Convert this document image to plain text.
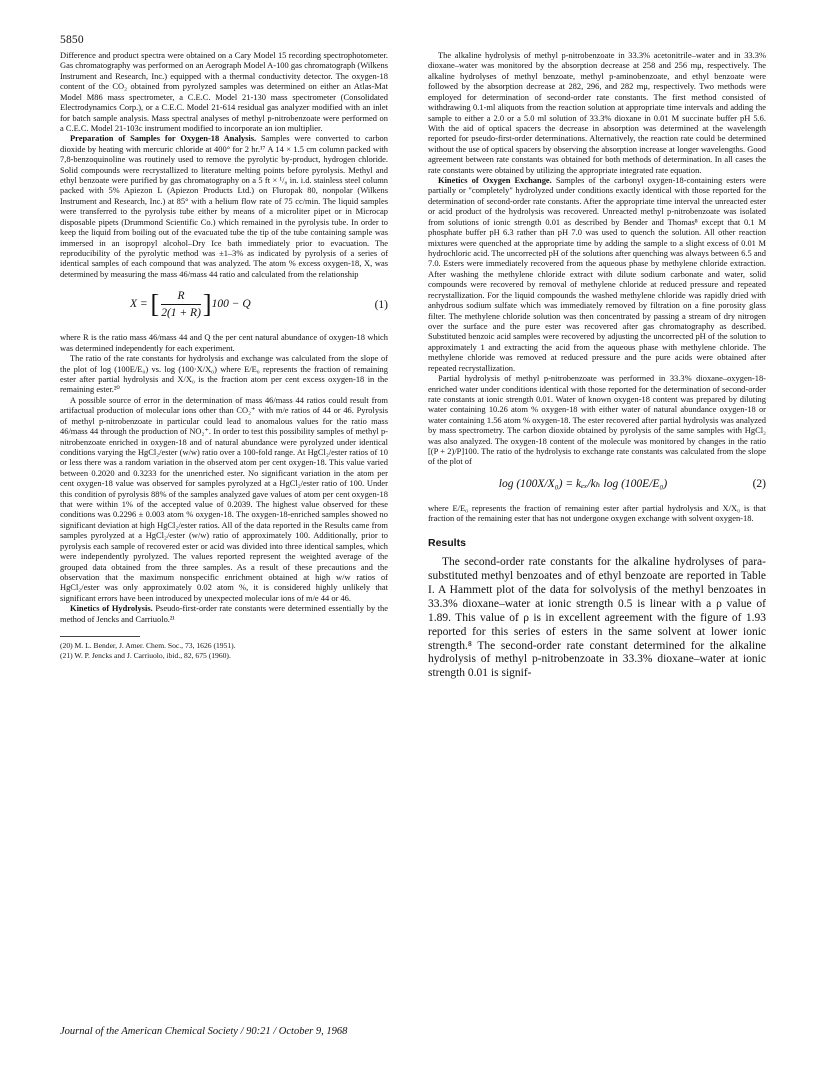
5850

Difference and product spectra were obtained on a Cary Model 15 recording spectrophotometer. Gas chromatography was performed on an Aerograph Model A-100 gas chromatograph (Wilkens Instrument and Research, Inc.) equipped with a thermal conductivity detector. The oxygen-18 content of the CO₂ obtained from pyrolyzed samples was determined on either an Atlas-Mat Model M86 mass spectrometer, a C.E.C. Model 21-130 mass spectrometer (Consolidated Electrodynamics Corp.), or a C.E.C. Model 21-614 residual gas analyzer modified with an inlet for batch sample analysis. Mass spectral analyses of methyl p-nitrobenzoate were performed on a C.E.C. Model 21-103c instrument modified to incorporate an ion multiplier.

Preparation of Samples for Oxygen-18 Analysis. Samples were converted to carbon dioxide by heating with mercuric chloride at 400° for 2 hr.¹⁷ A 14 × 1.5 cm column packed with 7,8-benzoquinoline was routinely used to remove the pyrolytic by-product, hydrogen chloride. Solid compounds were recrystallized to literature melting points before pyrolysis. Methyl and ethyl benzoate were purified by gas chromatography on a 5 ft × ¹/₈ in. i.d. stainless steel column packed with 5% Apiezon L (Apiezon Products Ltd.) on Fluropak 80, nonpolar (Wilkens Instrument and Research, Inc.) at 85° with a helium flow rate of 75 cc/min. The liquid samples were transferred to the pyrolysis tube either by means of a microliter pipet or in Microcap disposable pipets (Drummond Scientific Co.) which remained in the pyrolysis tube. In order to keep the liquid from boiling out of the evacuated tube the tip of the tube containing sample was immersed in an isopropyl alcohol–Dry Ice bath immediately prior to evacuation. The reproducibility of the pyrolytic method was ±1–3% as indicated by pyrolysis of a series of identical samples of each compound that was analyzed. The atom % excess oxygen-18, X, was determined by measuring the mass 46/mass 44 ratio and calculated from the relationship

X = [ $\frac{R}{2(1 + R)} ]100 - Q$	(1)

where R is the ratio mass 46/mass 44 and Q the per cent natural abundance of oxygen-18 which was determined independently for each experiment.

The ratio of the rate constants for hydrolysis and exchange was calculated from the slope of the plot of log (100E/E₀) vs. log (100·X/X₀) where E/E₀ represents the fraction of remaining ester after partial hydrolysis and X/X₀ is the fraction atom per cent excess oxygen-18 in the remaining ester.²⁰

A possible source of error in the determination of mass 46/mass 44 ratios could result from artifactual production of molecular ions other than CO₂⁺ with m/e ratios of 44 or 46. Pyrolysis of methyl p-nitrobenzoate in particular could lead to anomalous values for the ratio mass 46/mass 44 through the production of NO₂⁺. In order to test this possibility samples of methyl p-nitrobenzoate enriched in oxygen-18 and of natural abundance were pyrolyzed under identical conditions varying the HgCl₂/ester (w/w) ratio over a 100-fold range. At HgCl₂/ester ratios of 10 or less there was a random variation in the observed atom per cent oxygen-18. This value varied between 0.2020 and 0.3233 for the unenriched ester. No significant variation in the atom per cent oxygen-18 value was observed for samples pyrolyzed at a HgCl₂/ester ratio of 100. Under this condition of pyrolysis 88% of the samples analyzed gave values of atom per cent oxygen-18 that were within 1% of the accepted value of 0.2039. The highest value observed for these conditions was 0.2296 ± 0.003 atom % oxygen-18. The oxygen-18-enriched samples showed no significant deviation at high HgCl₂/ester ratios. All of the data reported in the Results came from samples pyrolyzed at a HgCl₂/ester (w/w) ratio of approximately 100. Additionally, prior to pyrolysis each sample of recovered ester or acid was divided into three identical samples, which were independently pyrolyzed. The values reported represent the weighted average of the grouped data obtained from the three samples. As a result of these precautions and the observation that the maximum nonspecific enrichment obtained at high w/w ratios of HgCl₂/ester was only approximately 0.02 atom %, it is considered highly unlikely that significant errors have been introduced by unexpected molecular ions of m/e 44 or 46.

Kinetics of Hydrolysis. Pseudo-first-order rate constants were determined essentially by the method of Jencks and Carriuolo.²¹

(20) M. L. Bender, J. Amer. Chem. Soc., 73, 1626 (1951).
(21) W. P. Jencks and J. Carriuolo, ibid., 82, 675 (1960).

The alkaline hydrolysis of methyl p-nitrobenzoate in 33.3% acetonitrile–water and in 33.3% dioxane–water was monitored by the absorption decrease at 258 and 256 mμ, respectively. The alkaline hydrolyses of methyl benzoate, methyl p-aminobenzoate, and ethyl benzoate were followed by the absorption decrease at 282, 296, and 282 mμ, respectively. Two methods were employed for determination of second-order rate constants. The first method consisted of withdrawing 0.1-ml aliquots from the reaction solution at appropriate time intervals and adding the sample to either a 2.0 or a 5.0 ml solution of 33.3% dioxane in 0.01 M succinate buffer pH 5.6. With the aid of optical spacers the decrease in absorption was determined at the wavelength reported for pseudo-first-order determinations. Alternatively, the reaction rate could be determined without the use of optical spacers by observing the absorption increase at longer wavelengths. Good agreement between rate constants was obtained for both methods of determination. In all cases the rate constants were obtained by utilizing the appropriate integrated rate equation.

Kinetics of Oxygen Exchange. Samples of the carbonyl oxygen-18-containing esters were partially or "completely" hydrolyzed under conditions exactly identical with those reported for the determination of second-order rate constants. After the appropriate time interval the unreacted ester or acid product of the hydrolysis was recovered. Unreacted methyl p-nitrobenzoate was isolated from solutions of ionic strength 0.01 as described by Bender and Thomas⁸ except that 0.1 M phosphate buffer pH 6.3 rather than pH 7.0 was used to quench the solution. All other reaction mixtures were quenched at the appropriate time by adding the sample to a slight excess of 0.01 M hydrochloric acid. The uncorrected pH of the solutions after quenching was always between 6.5 and 7.0. Esters were immediately recovered from the aqueous phase by methylene chloride extraction. After washing the methylene chloride extract with dilute sodium carbonate and water, solid compounds were recovered by removal of methylene chloride at reduced pressure and repeated recrystallization. For the liquid compounds the washed methylene chloride was rapidly dried with anhydrous sodium sulfate which was immediately removed by filtration on a fine porosity glass filter. The methylene chloride solution was then concentrated by passing a stream of dry nitrogen over the surface and the pure ester was recovered after gas chromatography as described. Substituted benzoic acid samples were recovered by adjusting the uncorrected pH of the solution to approximately 1 and extracting the acid from the aqueous phase with methylene chloride. The methylene chloride was removed at reduced pressure and the pure acids were obtained after repeated recrystallization.

Partial hydrolysis of methyl p-nitrobenzoate was performed in 33.3% dioxane–oxygen-18-enriched water under conditions identical with those reported for the determination of second-order rate constants at ionic strength 0.01. Water of known oxygen-18 content was prepared by diluting water containing 10.26 atom % oxygen-18 with either water of natural abundance oxygen-18 or water containing 1.56 atom % oxygen-18. The ester recovered after partial hydrolysis was analyzed by mass spectrometry. The carbon dioxide obtained by pyrolysis of the same samples with HgCl₂ was also analyzed. The oxygen-18 content of the molecule was monitored by changes in the ratio [(P + 2)/P]100. The ratio of the hydrolysis to exchange rate constants was calculated from the slope of the plot of

log (100X/X₀) = kₑₓ/kₕ log (100E/E₀)	(2)

where E/E₀ represents the fraction of remaining ester after partial hydrolysis and X/X₀ is that fraction of the remaining ester that has not undergone oxygen exchange with solvent oxygen-18.

Results

The second-order rate constants for the alkaline hydrolyses of para-substituted methyl benzoates and of ethyl benzoate are reported in Table I. A Hammett plot of the data for solvolysis of the methyl benzoates in 33.3% dioxane–water at ionic strength 0.5 is linear with a ρ value of 1.89. This value of ρ is in excellent agreement with the figure of 1.93 reported for this series of esters in the same solvent at lower ionic strength.⁸ The second-order rate constant determined for the alkaline hydrolysis of methyl p-nitrobenzoate in 33.3% dioxane–water at ionic strength 0.01 is signif-

Journal of the American Chemical Society / 90:21 / October 9, 1968
